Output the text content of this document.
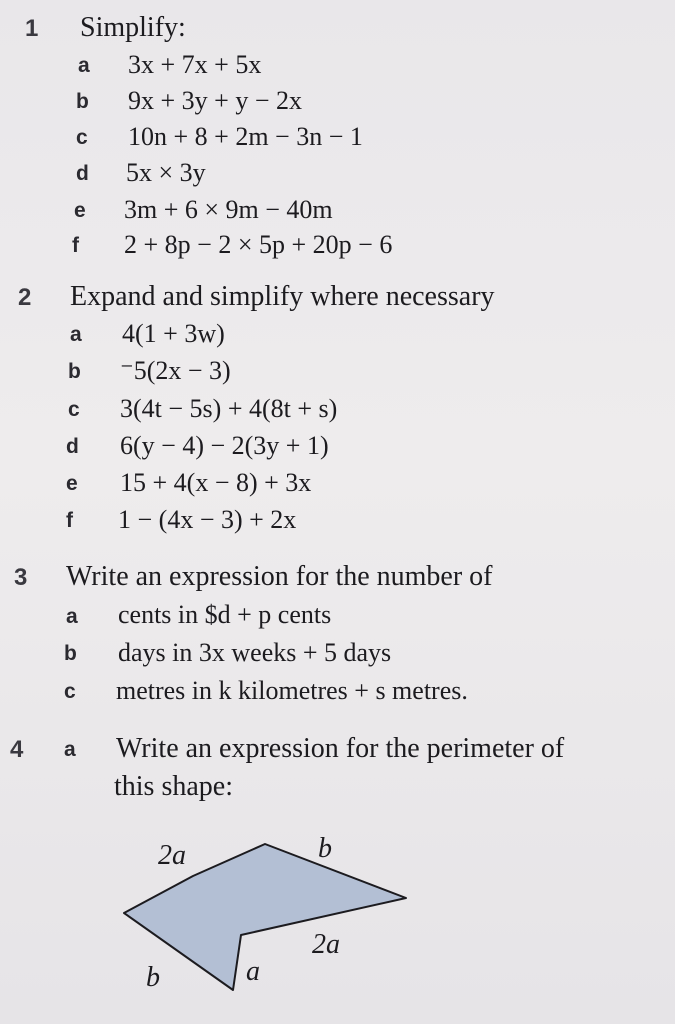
1 Simplify:
a 3x + 7x + 5x
b 9x + 3y + y − 2x
c 10n + 8 + 2m − 3n − 1
d 5x × 3y
e 3m + 6 × 9m − 40m
f 2 + 8p − 2 × 5p + 20p − 6
2 Expand and simplify where necessary
a 4(1 + 3w)
b ⁻5(2x − 3)
c 3(4t − 5s) + 4(8t + s)
d 6(y − 4) − 2(3y + 1)
e 15 + 4(x − 8) + 3x
f 1 − (4x − 3) + 2x
3 Write an expression for the number of
a cents in $d + p cents
b days in 3x weeks + 5 days
c metres in k kilometres + s metres.
4 a Write an expression for the perimeter of
this shape:
2a	b
2a
b	a
